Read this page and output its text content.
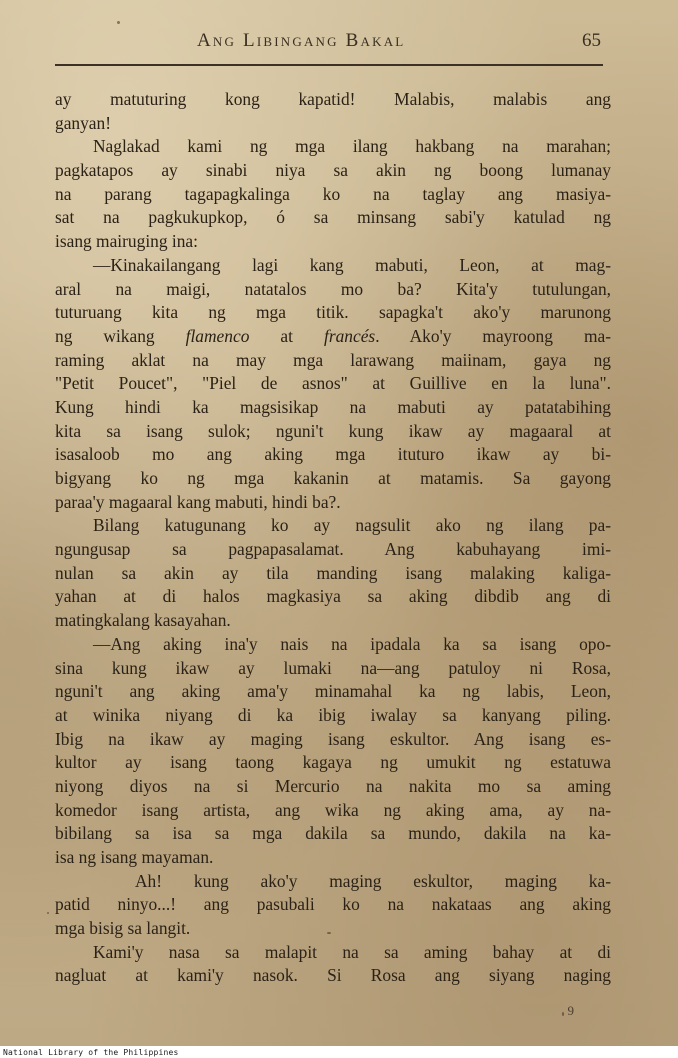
Ang Libingang Bakal	65
ay matuturing kong kapatid! Malabis, malabis ang
ganyan!
Naglakad kami ng mga ilang hakbang na marahan;
pagkatapos ay sinabi niya sa akin ng boong lumanay
na parang tagapagkalinga ko na taglay ang masiya-
sat na pagkukupkop, ó sa minsang sabi'y katulad ng
isang mairuging ina:
—Kinakailangang lagi kang mabuti, Leon, at mag-
aral na maigi, natatalos mo ba? Kita'y tutulungan,
tuturuang kita ng mga titik. sapagka't ako'y marunong
ng wikang flamenco at francés. Ako'y mayroong ma-
raming aklat na may mga larawang maiinam, gaya ng
"Petit Poucet", "Piel de asnos" at Guillive en la luna".
Kung hindi ka magsisikap na mabuti ay patatabihing
kita sa isang sulok; nguni't kung ikaw ay magaaral at
isasaloob mo ang aking mga ituturo ikaw ay bi-
bigyang ko ng mga kakanin at matamis. Sa gayong
paraa'y magaaral kang mabuti, hindi ba?.
Bilang katugunang ko ay nagsulit ako ng ilang pa-
ngungusap sa pagpapasalamat. Ang kabuhayang imi-
nulan sa akin ay tila manding isang malaking kaliga-
yahan at di halos magkasiya sa aking dibdib ang di
matingkalang kasayahan.
—Ang aking ina'y nais na ipadala ka sa isang opo-
sina kung ikaw ay lumaki na—ang patuloy ni Rosa,
nguni't ang aking ama'y minamahal ka ng labis, Leon,
at winika niyang di ka ibig iwalay sa kanyang piling.
Ibig na ikaw ay maging isang eskultor. Ang isang es-
kultor ay isang taong kagaya ng umukit ng estatuwa
niyong diyos na si Mercurio na nakita mo sa aming
komedor isang artista, ang wika ng aking ama, ay na-
bibilang sa isa sa mga dakila sa mundo, dakila na ka-
isa ng isang mayaman.
Ah! kung ako'y maging eskultor, maging ka-
patid ninyo...! ang pasubali ko na nakataas ang aking
mga bisig sa langit.
Kami'y nasa sa malapit na sa aming bahay at di
nagluat at kami'y nasok. Si Rosa ang siyang naging
9
National Library of the Philippines
